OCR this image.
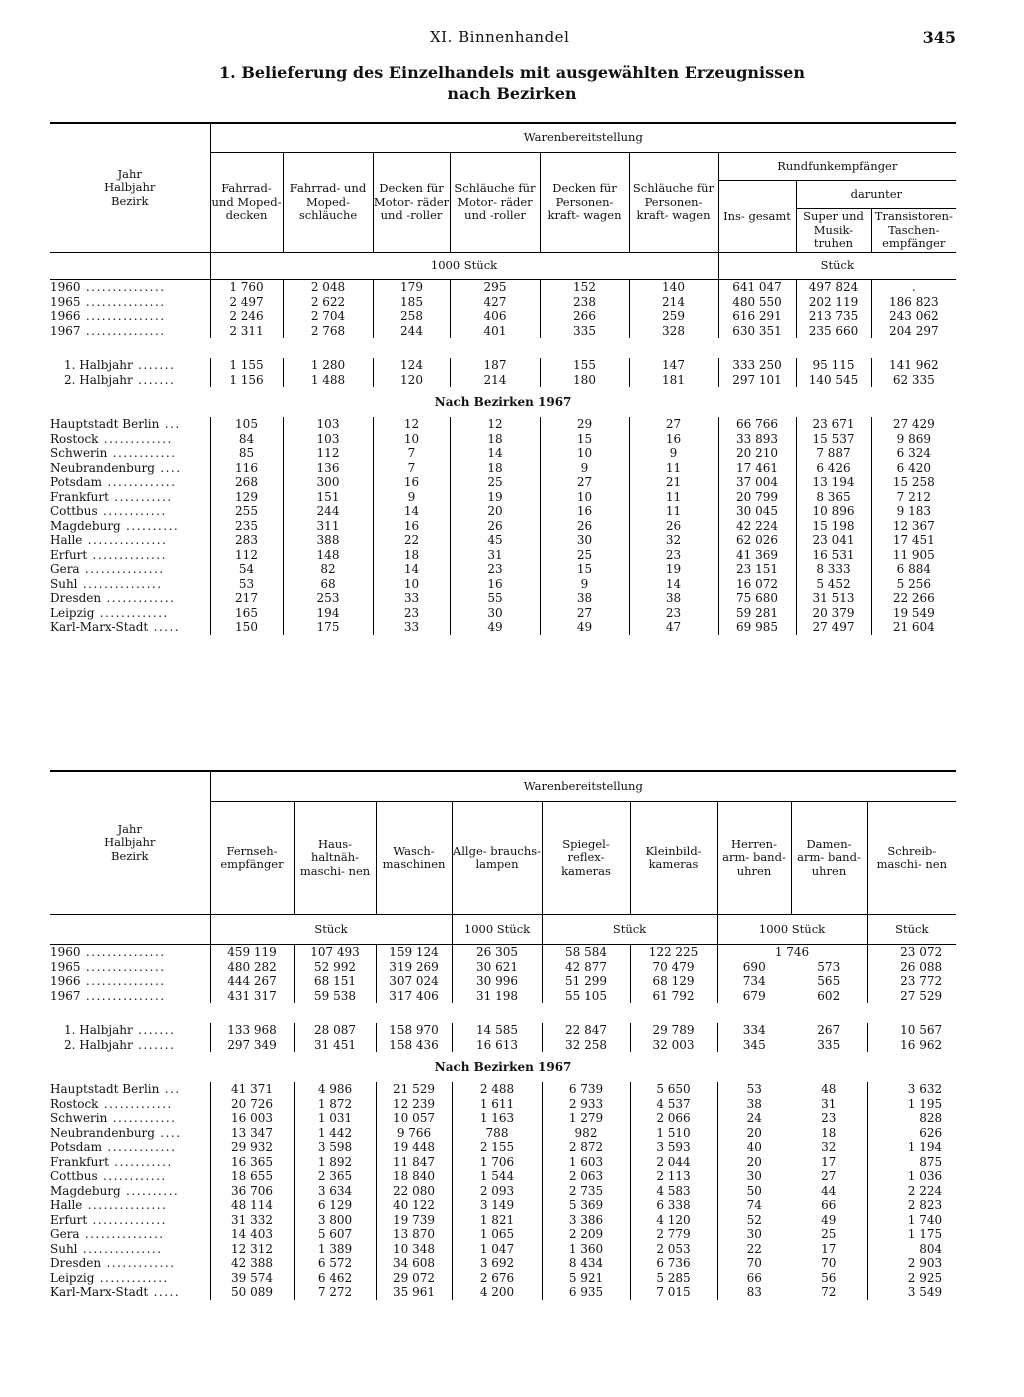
XI. Binnenhandel	345
1. Belieferung des Einzelhandels mit ausgewählten Erzeugnissen
nach Bezirken
Jahr
Halbjahr
Bezirk	Warenbereitstellung								
	Fahrrad- und Moped- decken	Fahrrad- und Moped- schläuche	Decken für Motor- räder und -roller	Schläuche für Motor- räder und -roller	Decken für Personen- kraft- wagen	Schläuche für Personen- kraft- wagen	Rundfunkempfänger		
							Ins- gesamt	darunter	
								Super und Musik- truhen	Transistoren- Taschen- empfänger
	1000 Stück						Stück		
1960 ...............	1 760	2 048	179	295	152	140	641 047	497 824	.
1965 ...............	2 497	2 622	185	427	238	214	480 550	202 119	186 823
1966 ...............	2 246	2 704	258	406	266	259	616 291	213 735	243 062
1967 ...............	2 311	2 768	244	401	335	328	630 351	235 660	204 297

1. Halbjahr .......	1 155	1 280	124	187	155	147	333 250	95 115	141 962
2. Halbjahr .......	1 156	1 488	120	214	180	181	297 101	140 545	62 335
Nach Bezirken 1967									
Hauptstadt Berlin ...	105	103	12	12	29	27	66 766	23 671	27 429
Rostock .............	84	103	10	18	15	16	33 893	15 537	9 869
Schwerin ............	85	112	7	14	10	9	20 210	7 887	6 324
Neubrandenburg ....	116	136	7	18	9	11	17 461	6 426	6 420
Potsdam .............	268	300	16	25	27	21	37 004	13 194	15 258
Frankfurt ...........	129	151	9	19	10	11	20 799	8 365	7 212
Cottbus ............	255	244	14	20	16	11	30 045	10 896	9 183
Magdeburg ..........	235	311	16	26	26	26	42 224	15 198	12 367
Halle ...............	283	388	22	45	30	32	62 026	23 041	17 451
Erfurt ..............	112	148	18	31	25	23	41 369	16 531	11 905
Gera ...............	54	82	14	23	15	19	23 151	8 333	6 884
Suhl ...............	53	68	10	16	9	14	16 072	5 452	5 256
Dresden .............	217	253	33	55	38	38	75 680	31 513	22 266
Leipzig .............	165	194	23	30	27	23	59 281	20 379	19 549
Karl-Marx-Stadt .....	150	175	33	49	49	47	69 985	27 497	21 604
Jahr
Halbjahr
Bezirk	Warenbereitstellung								
	Fernseh- empfänger	Haus- haltnäh- maschi- nen	Wasch- maschinen	Allge- brauchs- lampen	Spiegel- reflex- kameras	Kleinbild- kameras	Herren- arm- band- uhren	Damen- arm- band- uhren	Schreib- maschi- nen
	Stück			1000 Stück	Stück		1000 Stück		Stück
1960 ...............	459 119	107 493	159 124	26 305	58 584	122 225	1 746		23 072
1965 ...............	480 282	52 992	319 269	30 621	42 877	70 479	690	573	26 088
1966 ...............	444 267	68 151	307 024	30 996	51 299	68 129	734	565	23 772
1967 ...............	431 317	59 538	317 406	31 198	55 105	61 792	679	602	27 529

1. Halbjahr .......	133 968	28 087	158 970	14 585	22 847	29 789	334	267	10 567
2. Halbjahr .......	297 349	31 451	158 436	16 613	32 258	32 003	345	335	16 962
Nach Bezirken 1967									
Hauptstadt Berlin ...	41 371	4 986	21 529	2 488	6 739	5 650	53	48	3 632
Rostock .............	20 726	1 872	12 239	1 611	2 933	4 537	38	31	1 195
Schwerin ............	16 003	1 031	10 057	1 163	1 279	2 066	24	23	828
Neubrandenburg ....	13 347	1 442	9 766	788	982	1 510	20	18	626
Potsdam .............	29 932	3 598	19 448	2 155	2 872	3 593	40	32	1 194
Frankfurt ...........	16 365	1 892	11 847	1 706	1 603	2 044	20	17	875
Cottbus ............	18 655	2 365	18 840	1 544	2 063	2 113	30	27	1 036
Magdeburg ..........	36 706	3 634	22 080	2 093	2 735	4 583	50	44	2 224
Halle ...............	48 114	6 129	40 122	3 149	5 369	6 338	74	66	2 823
Erfurt ..............	31 332	3 800	19 739	1 821	3 386	4 120	52	49	1 740
Gera ...............	14 403	5 607	13 870	1 065	2 209	2 779	30	25	1 175
Suhl ...............	12 312	1 389	10 348	1 047	1 360	2 053	22	17	804
Dresden .............	42 388	6 572	34 608	3 692	8 434	6 736	70	70	2 903
Leipzig .............	39 574	6 462	29 072	2 676	5 921	5 285	66	56	2 925
Karl-Marx-Stadt .....	50 089	7 272	35 961	4 200	6 935	7 015	83	72	3 549
